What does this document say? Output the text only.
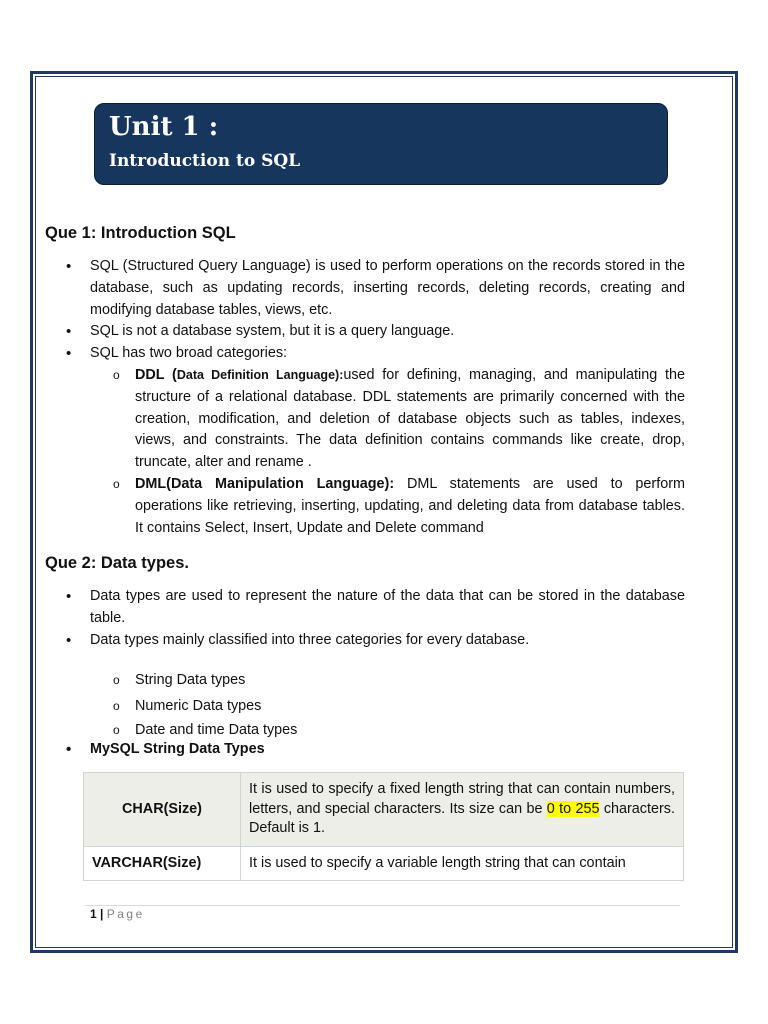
Unit 1 :
Introduction to SQL
Que 1: Introduction SQL
• SQL (Structured Query Language) is used to perform operations on the records stored in the database, such as updating records, inserting records, deleting records, creating and modifying database tables, views, etc.
• SQL is not a database system, but it is a query language.
• SQL has two broad categories:
o DDL (Data Definition Language):used for defining, managing, and manipulating the structure of a relational database. DDL statements are primarily concerned with the creation, modification, and deletion of database objects such as tables, indexes, views, and constraints. The data definition contains commands like create, drop, truncate, alter and rename .
o DML(Data Manipulation Language): DML statements are used to perform operations like retrieving, inserting, updating, and deleting data from database tables. It contains Select, Insert, Update and Delete command
Que 2: Data types.
• Data types are used to represent the nature of the data that can be stored in the database table.
• Data types mainly classified into three categories for every database.
o String Data types
o Numeric Data types
o Date and time Data types
• MySQL String Data Types
CHAR(Size)	It is used to specify a fixed length string that can contain numbers, letters, and special characters. Its size can be 0 to 255 characters. Default is 1.
VARCHAR(Size)	It is used to specify a variable length string that can contain
1 | Page
